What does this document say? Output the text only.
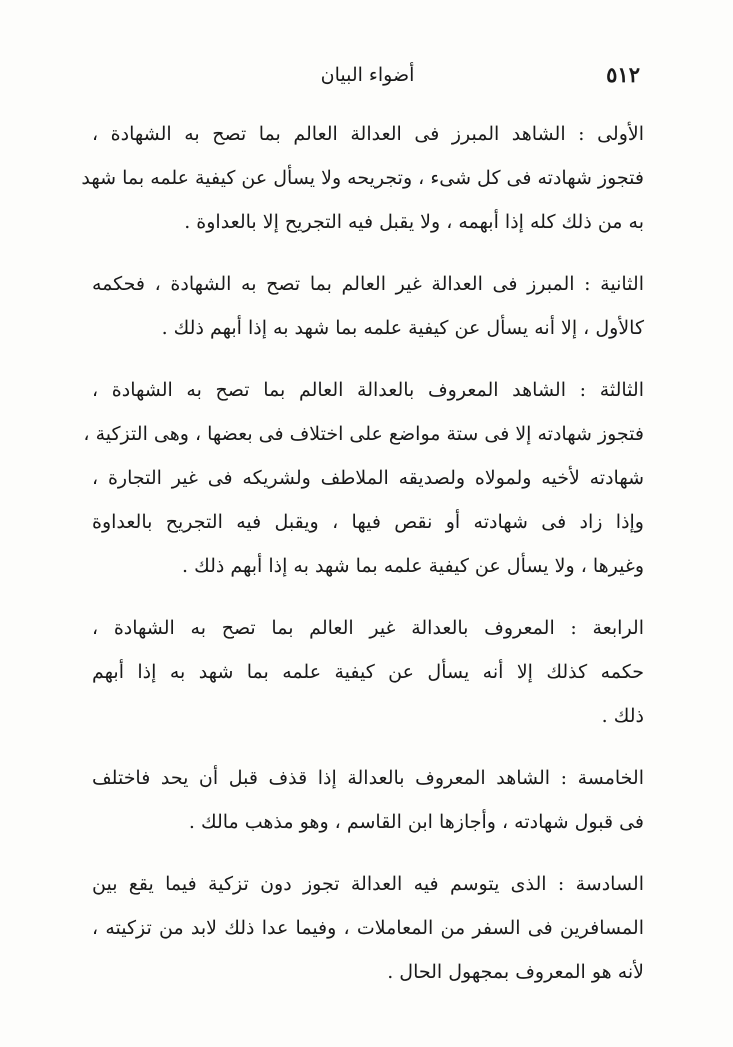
٥١٢
أضواء البيان
الأولى : الشاهد المبرز فى العدالة العالم بما تصح به الشهادة ،
فتجوز شهادته فى كل شىء ، وتجريحه ولا يسأل عن كيفية علمه بما شهد
به من ذلك كله إذا أبهمه ، ولا يقبل فيه التجريح إلا بالعداوة .
الثانية : المبرز فى العدالة غير العالم بما تصح به الشهادة ، فحكمه
كالأول ، إلا أنه يسأل عن كيفية علمه بما شهد به إذا أبهم ذلك .
الثالثة : الشاهد المعروف بالعدالة العالم بما تصح به الشهادة ،
فتجوز شهادته إلا فى ستة مواضع على اختلاف فى بعضها ، وهى التزكية ،
شهادته لأخيه ولمولاه ولصديقه الملاطف ولشريكه فى غير التجارة ،
وإذا زاد فى شهادته أو نقص فيها ، ويقبل فيه التجريح بالعداوة
وغيرها ، ولا يسأل عن كيفية علمه بما شهد به إذا أبهم ذلك .
الرابعة : المعروف بالعدالة غير العالم بما تصح به الشهادة ،
حكمه كذلك إلا أنه يسأل عن كيفية علمه بما شهد به إذا أبهم
ذلك .
الخامسة : الشاهد المعروف بالعدالة إذا قذف قبل أن يحد فاختلف
فى قبول شهادته ، وأجازها ابن القاسم ، وهو مذهب مالك .
السادسة : الذى يتوسم فيه العدالة تجوز دون تزكية فيما يقع بين
المسافرين فى السفر من المعاملات ، وفيما عدا ذلك لابد من تزكيته ،
لأنه هو المعروف بمجهول الحال .
